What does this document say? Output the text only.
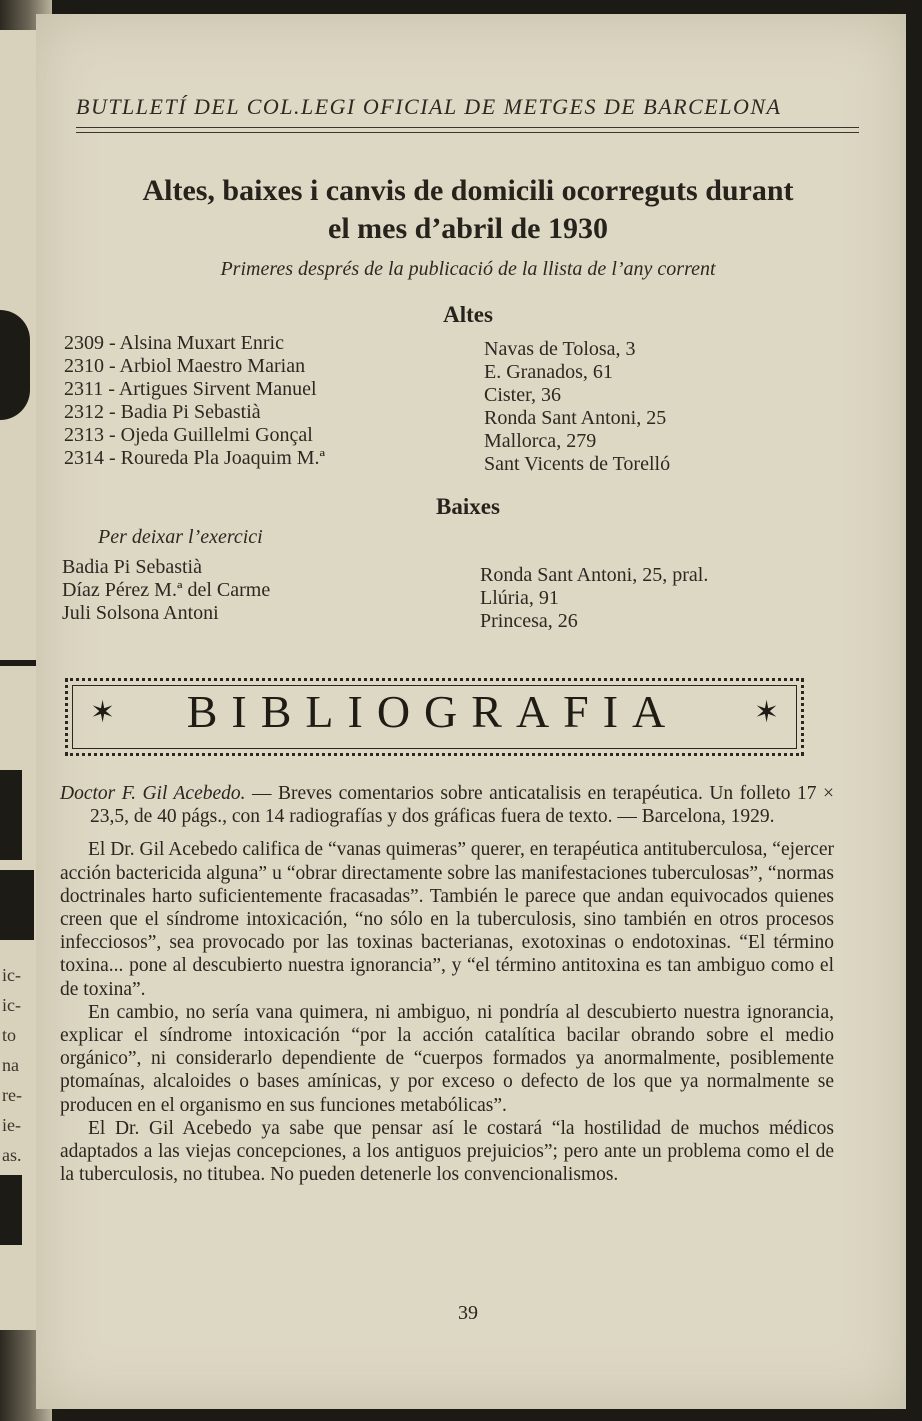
ic-
ic-
to
na
re-
ie-
as.
BUTLLETÍ DEL COL.LEGI OFICIAL DE METGES DE BARCELONA
Altes, baixes i canvis de domicili ocorreguts durant
el mes d’abril de 1930
Primeres després de la publicació de la llista de l’any corrent
Altes
2309 - Alsina Muxart Enric
2310 - Arbiol Maestro Marian
2311 - Artigues Sirvent Manuel
2312 - Badia Pi Sebastià
2313 - Ojeda Guillelmi Gonçal
2314 - Roureda Pla Joaquim M.ª
Navas de Tolosa, 3
E. Granados, 61
Cister, 36
Ronda Sant Antoni, 25
Mallorca, 279
Sant Vicents de Torelló
Baixes
Per deixar l’exercici
Badia Pi Sebastià
Díaz Pérez M.ª del Carme
Juli Solsona Antoni
Ronda Sant Antoni, 25, pral.
Llúria, 91
Princesa, 26
✶	BIBLIOGRAFIA	✶

Doctor F. Gil Acebedo. — Breves comentarios sobre anticatalisis en terapéutica. Un folleto 17 × 23,5, de 40 págs., con 14 radiografías y dos gráficas fuera de texto. — Barcelona, 1929.

El Dr. Gil Acebedo califica de “vanas quimeras” querer, en terapéutica antituberculosa, “ejercer acción bactericida alguna” u “obrar directamente sobre las manifestaciones tuberculosas”, “normas doctrinales harto suficientemente fracasadas”. También le parece que andan equivocados quienes creen que el síndrome intoxicación, “no sólo en la tuberculosis, sino también en otros procesos infecciosos”, sea provocado por las toxinas bacterianas, exotoxinas o endotoxinas. “El término toxina... pone al descubierto nuestra ignorancia”, y “el término antitoxina es tan ambiguo como el de toxina”.

En cambio, no sería vana quimera, ni ambiguo, ni pondría al descubierto nuestra ignorancia, explicar el síndrome intoxicación “por la acción catalítica bacilar obrando sobre el medio orgánico”, ni considerarlo dependiente de “cuerpos formados ya anormalmente, posiblemente ptomaínas, alcaloides o bases amínicas, y por exceso o defecto de los que ya normalmente se producen en el organismo en sus funciones metabólicas”.

El Dr. Gil Acebedo ya sabe que pensar así le costará “la hostilidad de muchos médicos adaptados a las viejas concepciones, a los antiguos prejuicios”; pero ante un problema como el de la tuberculosis, no titubea. No pueden detenerle los convencionalismos.

39
